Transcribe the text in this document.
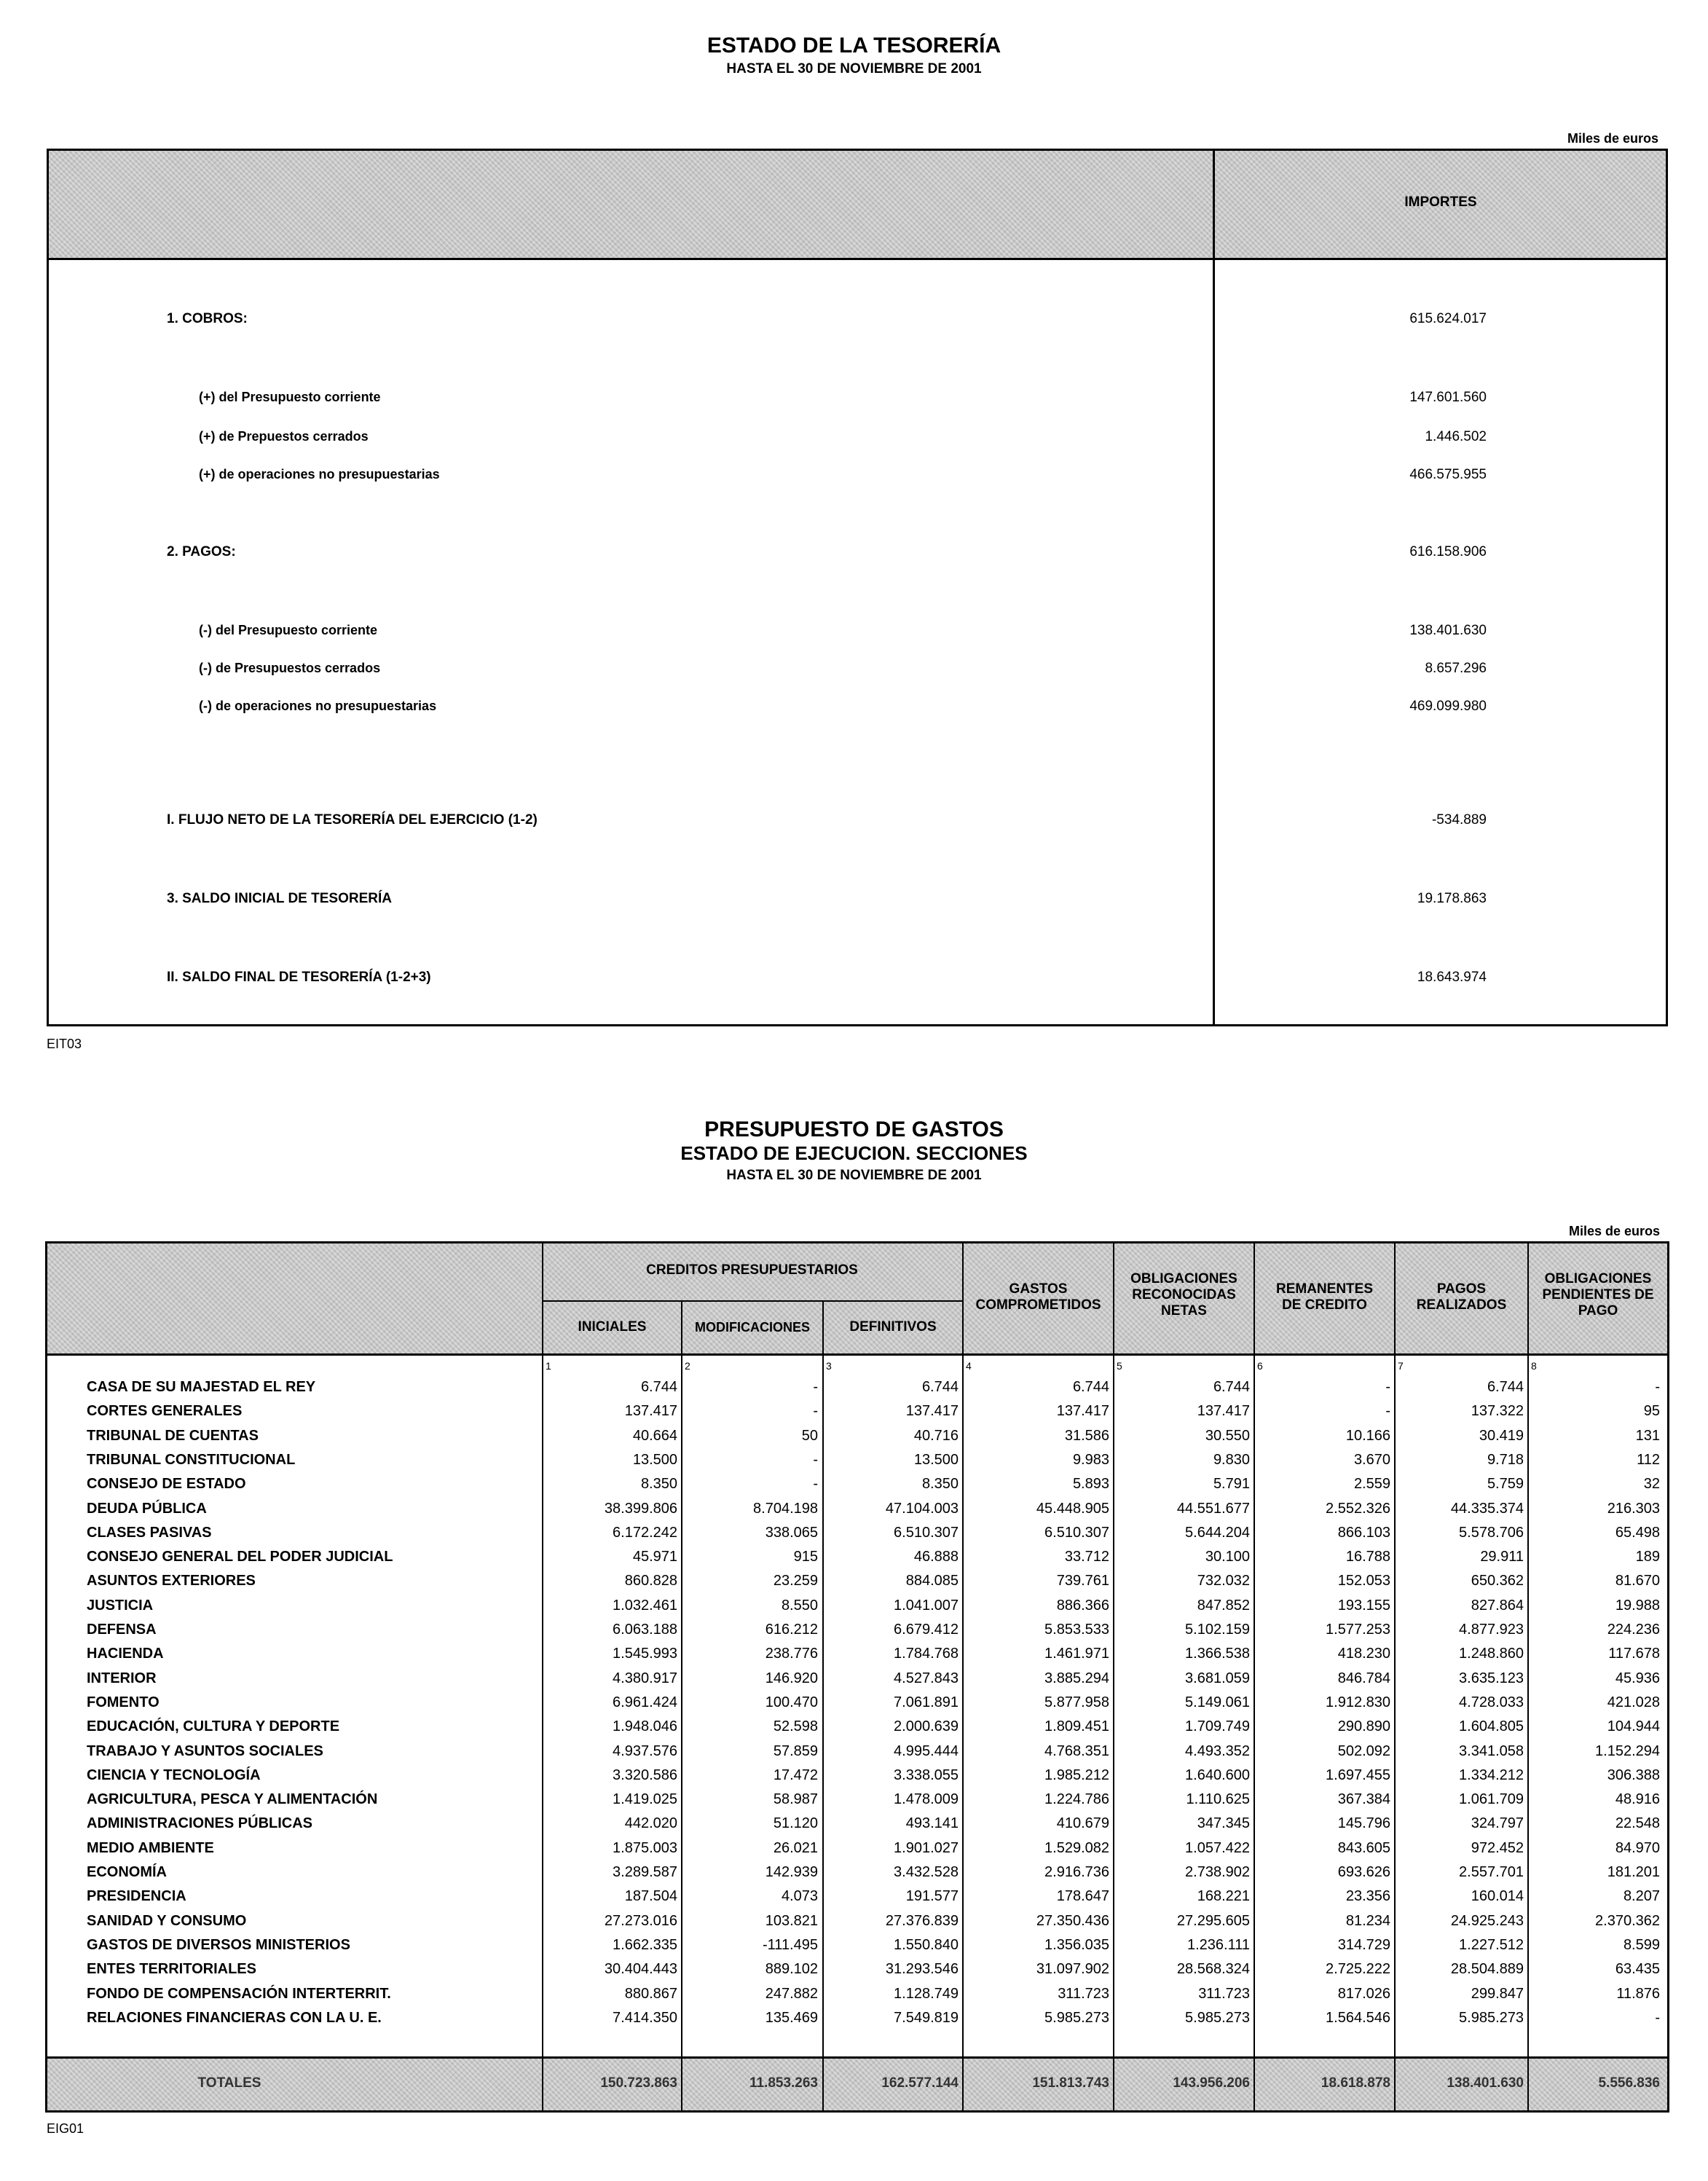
ESTADO DE LA TESORERÍA
HASTA EL 30 DE NOVIEMBRE DE 2001
Miles de euros
IMPORTES
1. COBROS:	615.624.017
(+) del Presupuesto corriente	147.601.560
(+) de Prepuestos cerrados	1.446.502
(+) de operaciones no presupuestarias	466.575.955
2. PAGOS:	616.158.906
(-) del Presupuesto corriente	138.401.630
(-) de Presupuestos cerrados	8.657.296
(-) de operaciones no presupuestarias	469.099.980
I. FLUJO NETO DE LA TESORERÍA DEL EJERCICIO (1-2)	-534.889
3. SALDO INICIAL DE TESORERÍA	19.178.863
II. SALDO FINAL DE TESORERÍA (1-2+3)	18.643.974
EIT03
PRESUPUESTO DE GASTOS
ESTADO DE EJECUCION. SECCIONES
HASTA EL 30 DE NOVIEMBRE DE 2001
Miles de euros
CREDITOS PRESUPUESTARIOS
INICIALES	MODIFICACIONES	DEFINITIVOS
GASTOS
COMPROMETIDOS
OBLIGACIONES
RECONOCIDAS
NETAS
REMANENTES
DE CREDITO
PAGOS
REALIZADOS
OBLIGACIONES
PENDIENTES DE
PAGO
1	2	3	4	5	6	7	8
CASA DE SU MAJESTAD EL REY	6.744	-	6.744	6.744	6.744	-	6.744	-
CORTES GENERALES	137.417	-	137.417	137.417	137.417	-	137.322	95
TRIBUNAL DE CUENTAS	40.664	50	40.716	31.586	30.550	10.166	30.419	131
TRIBUNAL CONSTITUCIONAL	13.500	-	13.500	9.983	9.830	3.670	9.718	112
CONSEJO DE ESTADO	8.350	-	8.350	5.893	5.791	2.559	5.759	32
DEUDA PÚBLICA	38.399.806	8.704.198	47.104.003	45.448.905	44.551.677	2.552.326	44.335.374	216.303
CLASES PASIVAS	6.172.242	338.065	6.510.307	6.510.307	5.644.204	866.103	5.578.706	65.498
CONSEJO GENERAL DEL PODER JUDICIAL	45.971	915	46.888	33.712	30.100	16.788	29.911	189
ASUNTOS EXTERIORES	860.828	23.259	884.085	739.761	732.032	152.053	650.362	81.670
JUSTICIA	1.032.461	8.550	1.041.007	886.366	847.852	193.155	827.864	19.988
DEFENSA	6.063.188	616.212	6.679.412	5.853.533	5.102.159	1.577.253	4.877.923	224.236
HACIENDA	1.545.993	238.776	1.784.768	1.461.971	1.366.538	418.230	1.248.860	117.678
INTERIOR	4.380.917	146.920	4.527.843	3.885.294	3.681.059	846.784	3.635.123	45.936
FOMENTO	6.961.424	100.470	7.061.891	5.877.958	5.149.061	1.912.830	4.728.033	421.028
EDUCACIÓN, CULTURA Y DEPORTE	1.948.046	52.598	2.000.639	1.809.451	1.709.749	290.890	1.604.805	104.944
TRABAJO Y ASUNTOS SOCIALES	4.937.576	57.859	4.995.444	4.768.351	4.493.352	502.092	3.341.058	1.152.294
CIENCIA Y TECNOLOGÍA	3.320.586	17.472	3.338.055	1.985.212	1.640.600	1.697.455	1.334.212	306.388
AGRICULTURA, PESCA Y ALIMENTACIÓN	1.419.025	58.987	1.478.009	1.224.786	1.110.625	367.384	1.061.709	48.916
ADMINISTRACIONES PÚBLICAS	442.020	51.120	493.141	410.679	347.345	145.796	324.797	22.548
MEDIO AMBIENTE	1.875.003	26.021	1.901.027	1.529.082	1.057.422	843.605	972.452	84.970
ECONOMÍA	3.289.587	142.939	3.432.528	2.916.736	2.738.902	693.626	2.557.701	181.201
PRESIDENCIA	187.504	4.073	191.577	178.647	168.221	23.356	160.014	8.207
SANIDAD Y CONSUMO	27.273.016	103.821	27.376.839	27.350.436	27.295.605	81.234	24.925.243	2.370.362
GASTOS DE DIVERSOS MINISTERIOS	1.662.335	-111.495	1.550.840	1.356.035	1.236.111	314.729	1.227.512	8.599
ENTES TERRITORIALES	30.404.443	889.102	31.293.546	31.097.902	28.568.324	2.725.222	28.504.889	63.435
FONDO DE COMPENSACIÓN INTERTERRIT.	880.867	247.882	1.128.749	311.723	311.723	817.026	299.847	11.876
RELACIONES FINANCIERAS CON LA U. E.	7.414.350	135.469	7.549.819	5.985.273	5.985.273	1.564.546	5.985.273	-
TOTALES	150.723.863	11.853.263	162.577.144	151.813.743	143.956.206	18.618.878	138.401.630	5.556.836
EIG01
